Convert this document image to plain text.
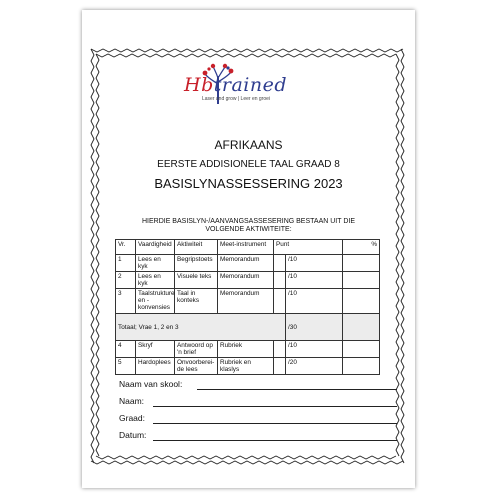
Hbtrained
Laser and grow | Leer en groei
AFRIKAANS
EERSTE ADDISIONELE TAAL GRAAD 8
BASISLYNASSESSERING 2023
HIERDIE BASISLYN-/AANVANGSASSESERING BESTAAN UIT DIE
VOLGENDE AKTIWITEITE:
Vr.	Vaardigheid	Aktiwiteit	Meet-instrument	Punt		%
1	Lees en kyk	Begripstoets	Memorandum		/10	
2	Lees en kyk	Visuele teks	Memorandum		/10	
3	Taalstrukture en - konvensies	Taal in konteks	Memorandum		/10	
Totaal; Vrae 1, 2 en 3					/30	
4	Skryf	Antwoord op 'n brief	Rubriek		/10	
5	Hardoplees	Onvoorberei-de lees	Rubriek en klaslys		/20	
Naam van skool:
Naam:
Graad:
Datum:
